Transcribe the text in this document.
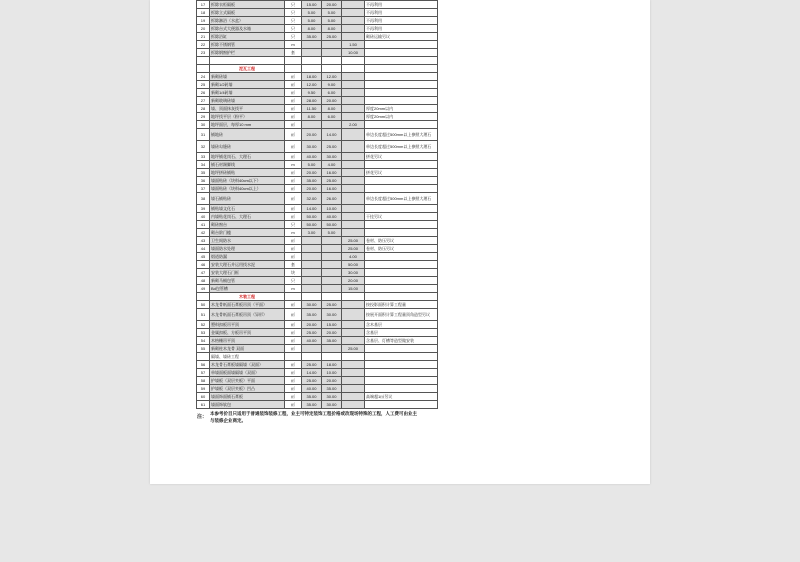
17	拆除衣柜隔板	只	15.00	20.00		不再利用
18	拆除立式隔板	只	5.00	5.00		不再利用
19	拆除淋浴（水盆）	只	5.00	5.00		不再利用
20	拆除台式大便器及水箱	只	8.00	8.00		不再利用
21	拆除浴缸	只	35.00	25.00		砌砖运输另议
22	拆除不锈钢管	m			1.50	
23	拆除钢窗护栏	套			10.00	

	泥瓦工程					
24	新砌砖墙	㎡	18.00	12.00		
25	新砌1/2砖墙	㎡	12.00	9.00		
26	新砌1/4砖墙	㎡	9.50	6.00		
27	新砌玻璃砖墙	㎡	28.00	20.00		
28	墙、顶面抹灰找平	㎡	11.50	8.00		厚度20mm以内
29	地坪找平层（粉平）	㎡	8.00	6.00		厚度20mm以内
30	地坪面层，每厚10 mm	㎡			2.00	
31	铺地砖	㎡	20.00	14.00		单边长度超过500mm以上参照大理石
32	墙砖勾缝砖	㎡	30.00	25.00		单边长度超过500mm以上参照大理石
33	地坪铺花岗石、大理石	㎡	40.00	30.00		拼花另议
34	铺石材踢脚线	m	5.00	4.00		
35	地坪拼砖铺贴	㎡	20.00	16.00		拼花另议
36	墙面贴砖（块料40cm以下）	㎡	35.00	25.00		
37	墙面贴砖（块料40cm以上）	㎡	20.00	16.00		
38	墙石铺贴砖	㎡	32.00	26.00		单边长度超过500mm以上参照大理石
39	铺贴墙文化石	㎡	14.00	10.00		
40	内墙贴花岗石、大理石	㎡	50.00	40.00		干挂另议
41	砌砖窗台	只	50.00	50.00		
42	砌台阶门槛	m	3.00	5.00		
43	卫生间防水	㎡			25.00	卷材、防压另议
44	墙面防水处理	㎡			25.00	卷材、防压另议
45	烟道防漏	㎡			4.00	
46	安装大理石并运用找水泥	套			50.00	
47	安装大理石门框	块			30.00	
48	新砌马桶包管	只			20.00	
49	Bd包管槽	m			15.00	
	木装工程					
50	木龙骨纸面石膏板吊顶（平面）	㎡	30.00	25.00		按投影面积计算工程量
51	木龙骨纸面石膏板吊顶（异形）	㎡	35.00	30.00		按展开面积计算工程量顶角造型另议
52	塑料扣板吊平顶	㎡	20.00	15.00		含木基层
53	金属扣板、方板吊平顶	㎡	25.00	20.00		含基层
54	木格栅吊平顶	㎡	40.00	35.00		含基层、灯槽等造型做安装
55	新砌柱木龙骨 双面	㎡			25.00	
	隔墙、墙砖工程					
56	木龙骨石膏板墙隔墙（双面）	㎡	25.00	18.00		
57	单墙面板面墙隔墙（双面）	㎡	14.00	10.00		
58	护墙板（双层夹板）平面	㎡	25.00	20.00		
59	护墙板（双层夹板）凹凸	㎡	40.00	35.00		
60	墙面饰面铺石膏板	㎡	35.00	30.00		高端超1㎡另议
61	墙面饰软包	㎡	35.00	30.00		
注：
本参考价目只适用于普通装饰装修工程，业主可特定装饰工程价格或改现场特殊的工程，人工费可由业主与装修企业商定。
